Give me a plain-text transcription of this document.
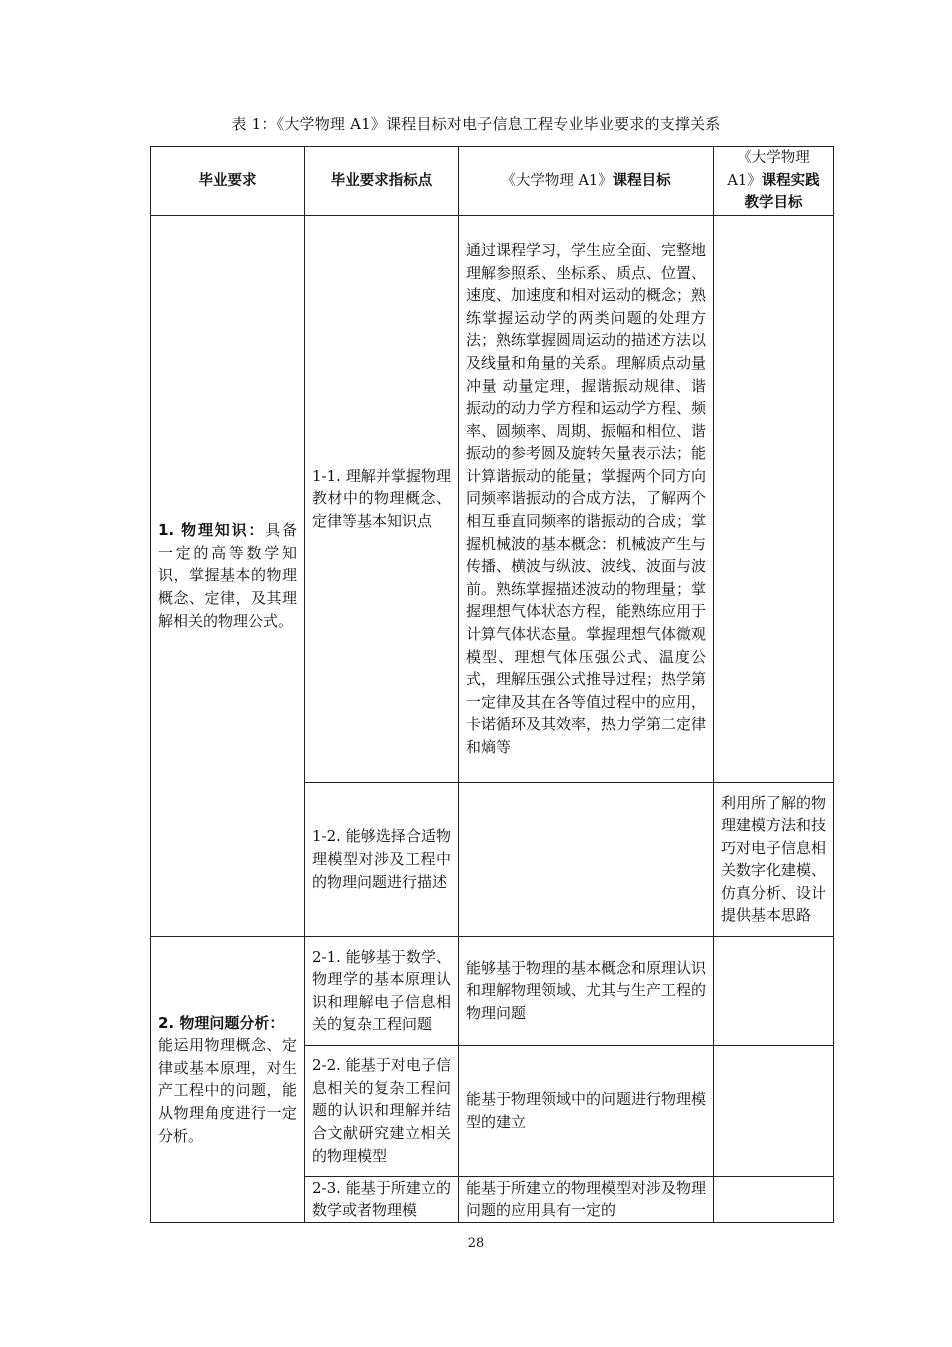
表 1：《大学物理 A1》课程目标对电子信息工程专业毕业要求的支撑关系
毕业要求	毕业要求指标点	《大学物理 A1》课程目标	《大学物理
A1》课程实践
教学目标
1. 物理知识：具备一定的高等数学知识，掌握基本的物理概念、定律，及其理解相关的物理公式。	1-1. 理解并掌握物理教材中的物理概念、定律等基本知识点	通过课程学习，学生应全面、完整地理解参照系、坐标系、质点、位置、速度、加速度和相对运动的概念；熟练掌握运动学的两类问题的处理方法；熟练掌握圆周运动的描述方法以及线量和角量的关系。理解质点动量 冲量 动量定理，握谐振动规律、谐振动的动力学方程和运动学方程、频率、圆频率、周期、振幅和相位、谐振动的参考圆及旋转矢量表示法；能计算谐振动的能量；掌握两个同方向同频率谐振动的合成方法，了解两个相互垂直同频率的谐振动的合成；掌握机械波的基本概念：机械波产生与传播、横波与纵波、波线、波面与波前。熟练掌握描述波动的物理量；掌握理想气体状态方程，能熟练应用于计算气体状态量。掌握理想气体微观模型、理想气体压强公式、温度公式，理解压强公式推导过程；热学第一定律及其在各等值过程中的应用，卡诺循环及其效率，热力学第二定律和熵等	
	1-2. 能够选择合适物理模型对涉及工程中的物理问题进行描述		利用所了解的物理建模方法和技巧对电子信息相关数字化建模、仿真分析、设计提供基本思路
2. 物理问题分析：
能运用物理概念、定律或基本原理，对生产工程中的问题，能从物理角度进行一定分析。	2-1. 能够基于数学、物理学的基本原理认识和理解电子信息相关的复杂工程问题	能够基于物理的基本概念和原理认识和理解物理领域、尤其与生产工程的物理问题	
	2-2. 能基于对电子信息相关的复杂工程问题的认识和理解并结合文献研究建立相关的物理模型	能基于物理领域中的问题进行物理模型的建立	
	2-3. 能基于所建立的数学或者物理模	能基于所建立的物理模型对涉及物理问题的应用具有一定的	
28
